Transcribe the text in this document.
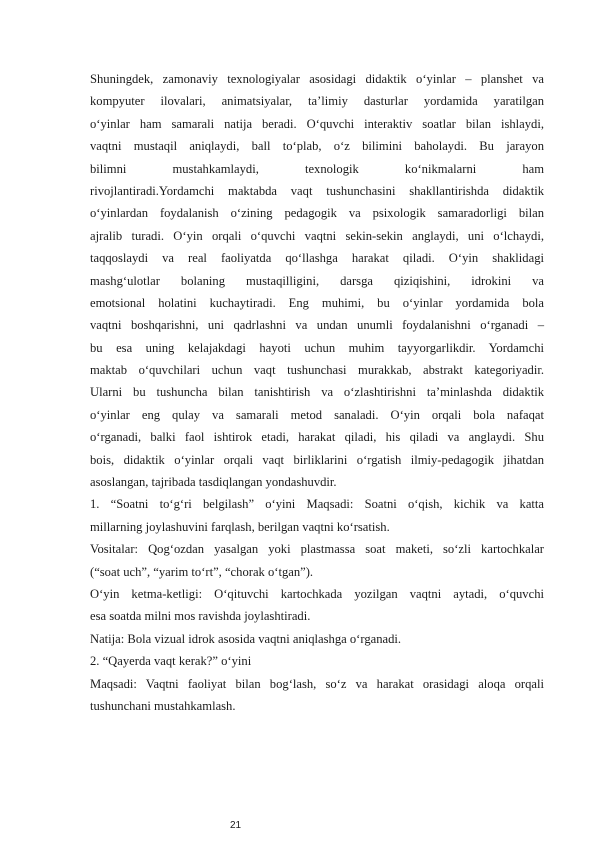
Shuningdek, zamonaviy texnologiyalar asosidagi didaktik o‘yinlar – planshet va
kompyuter ilovalari, animatsiyalar, ta’limiy dasturlar yordamida yaratilgan
o‘yinlar ham samarali natija beradi. O‘quvchi interaktiv soatlar bilan ishlaydi,
vaqtni mustaqil aniqlaydi, ball to‘plab, o‘z bilimini baholaydi. Bu jarayon
bilimni mustahkamlaydi, texnologik ko‘nikmalarni ham
rivojlantiradi.Yordamchi maktabda vaqt tushunchasini shakllantirishda didaktik
o‘yinlardan foydalanish o‘zining pedagogik va psixologik samaradorligi bilan
ajralib turadi. O‘yin orqali o‘quvchi vaqtni sekin-sekin anglaydi, uni o‘lchaydi,
taqqoslaydi va real faoliyatda qo‘llashga harakat qiladi. O‘yin shaklidagi
mashg‘ulotlar bolaning mustaqilligini, darsga qiziqishini, idrokini va
emotsional holatini kuchaytiradi. Eng muhimi, bu o‘yinlar yordamida bola
vaqtni boshqarishni, uni qadrlashni va undan unumli foydalanishni o‘rganadi –
bu esa uning kelajakdagi hayoti uchun muhim tayyorgarlikdir. Yordamchi
maktab o‘quvchilari uchun vaqt tushunchasi murakkab, abstrakt kategoriyadir.
Ularni bu tushuncha bilan tanishtirish va o‘zlashtirishni ta’minlashda didaktik
o‘yinlar eng qulay va samarali metod sanaladi. O‘yin orqali bola nafaqat
o‘rganadi, balki faol ishtirok etadi, harakat qiladi, his qiladi va anglaydi. Shu
bois, didaktik o‘yinlar orqali vaqt birliklarini o‘rgatish ilmiy-pedagogik jihatdan
asoslangan, tajribada tasdiqlangan yondashuvdir.
1. “Soatni to‘g‘ri belgilash” o‘yini Maqsadi: Soatni o‘qish, kichik va katta
millarning joylashuvini farqlash, berilgan vaqtni ko‘rsatish.
Vositalar: Qog‘ozdan yasalgan yoki plastmassa soat maketi, so‘zli kartochkalar
(“soat uch”, “yarim to‘rt”, “chorak o‘tgan”).
O‘yin ketma-ketligi: O‘qituvchi kartochkada yozilgan vaqtni aytadi, o‘quvchi
esa soatda milni mos ravishda joylashtiradi.
Natija: Bola vizual idrok asosida vaqtni aniqlashga o‘rganadi.
2. “Qayerda vaqt kerak?” o‘yini
Maqsadi: Vaqtni faoliyat bilan bog‘lash, so‘z va harakat orasidagi aloqa orqali
tushunchani mustahkamlash.
21
